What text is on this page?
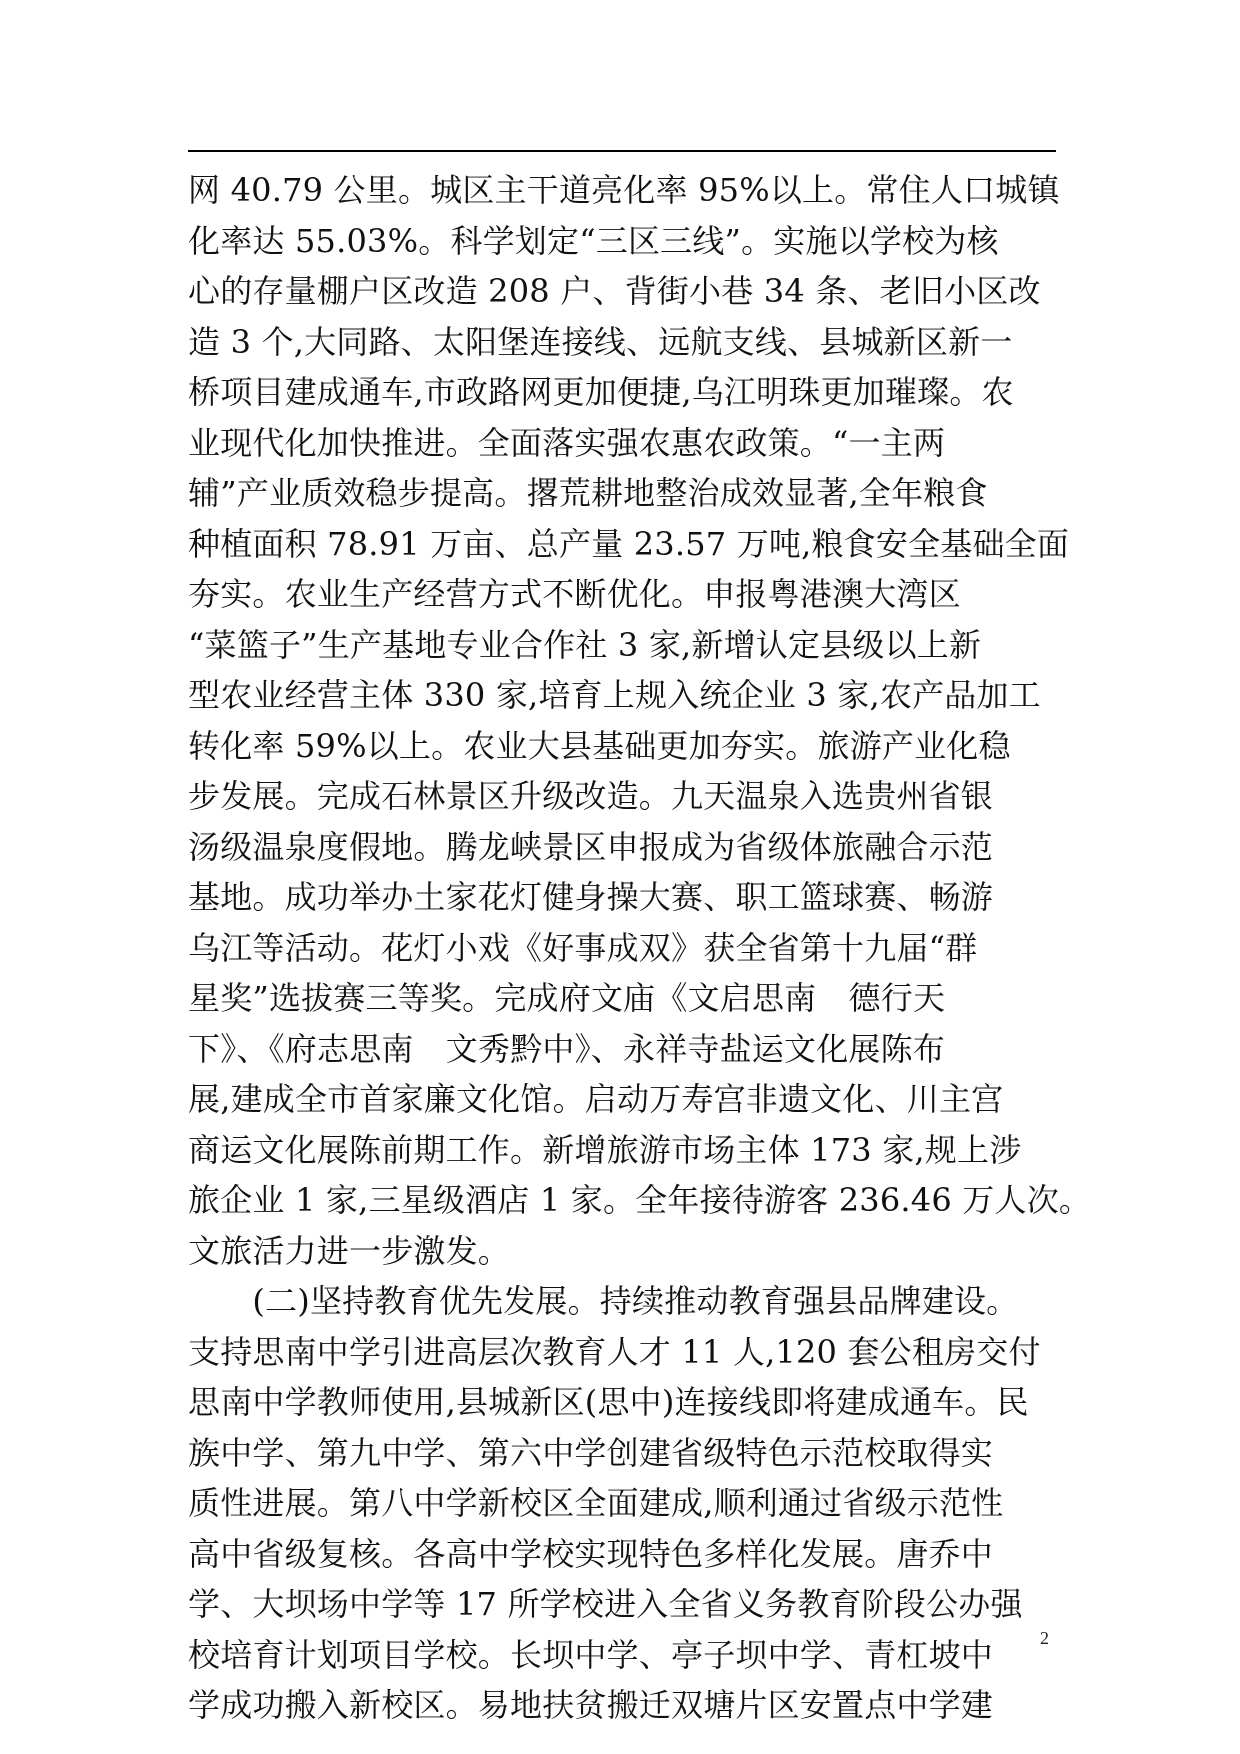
网 40.79 公里。城区主干道亮化率 95%以上。常住人口城镇
化率达 55.03%。科学划定“三区三线”。实施以学校为核
心的存量棚户区改造 208 户、背街小巷 34 条、老旧小区改
造 3 个,大同路、太阳堡连接线、远航支线、县城新区新一
桥项目建成通车,市政路网更加便捷,乌江明珠更加璀璨。农
业现代化加快推进。全面落实强农惠农政策。“一主两
辅”产业质效稳步提高。撂荒耕地整治成效显著,全年粮食
种植面积 78.91 万亩、总产量 23.57 万吨,粮食安全基础全面
夯实。农业生产经营方式不断优化。申报粤港澳大湾区
“菜篮子”生产基地专业合作社 3 家,新增认定县级以上新
型农业经营主体 330 家,培育上规入统企业 3 家,农产品加工
转化率 59%以上。农业大县基础更加夯实。旅游产业化稳
步发展。完成石林景区升级改造。九天温泉入选贵州省银
汤级温泉度假地。腾龙峡景区申报成为省级体旅融合示范
基地。成功举办土家花灯健身操大赛、职工篮球赛、畅游
乌江等活动。花灯小戏《好事成双》获全省第十九届“群
星奖”选拔赛三等奖。完成府文庙《文启思南　德行天
下》、《府志思南　文秀黔中》、永祥寺盐运文化展陈布
展,建成全市首家廉文化馆。启动万寿宫非遗文化、川主宫
商运文化展陈前期工作。新增旅游市场主体 173 家,规上涉
旅企业 1 家,三星级酒店 1 家。全年接待游客 236.46 万人次。
文旅活力进一步激发。
　　(二)坚持教育优先发展。持续推动教育强县品牌建设。
支持思南中学引进高层次教育人才 11 人,120 套公租房交付
思南中学教师使用,县城新区(思中)连接线即将建成通车。民
族中学、第九中学、第六中学创建省级特色示范校取得实
质性进展。第八中学新校区全面建成,顺利通过省级示范性
高中省级复核。各高中学校实现特色多样化发展。唐乔中
学、大坝场中学等 17 所学校进入全省义务教育阶段公办强
校培育计划项目学校。长坝中学、亭子坝中学、青杠坡中
学成功搬入新校区。易地扶贫搬迁双塘片区安置点中学建
2
